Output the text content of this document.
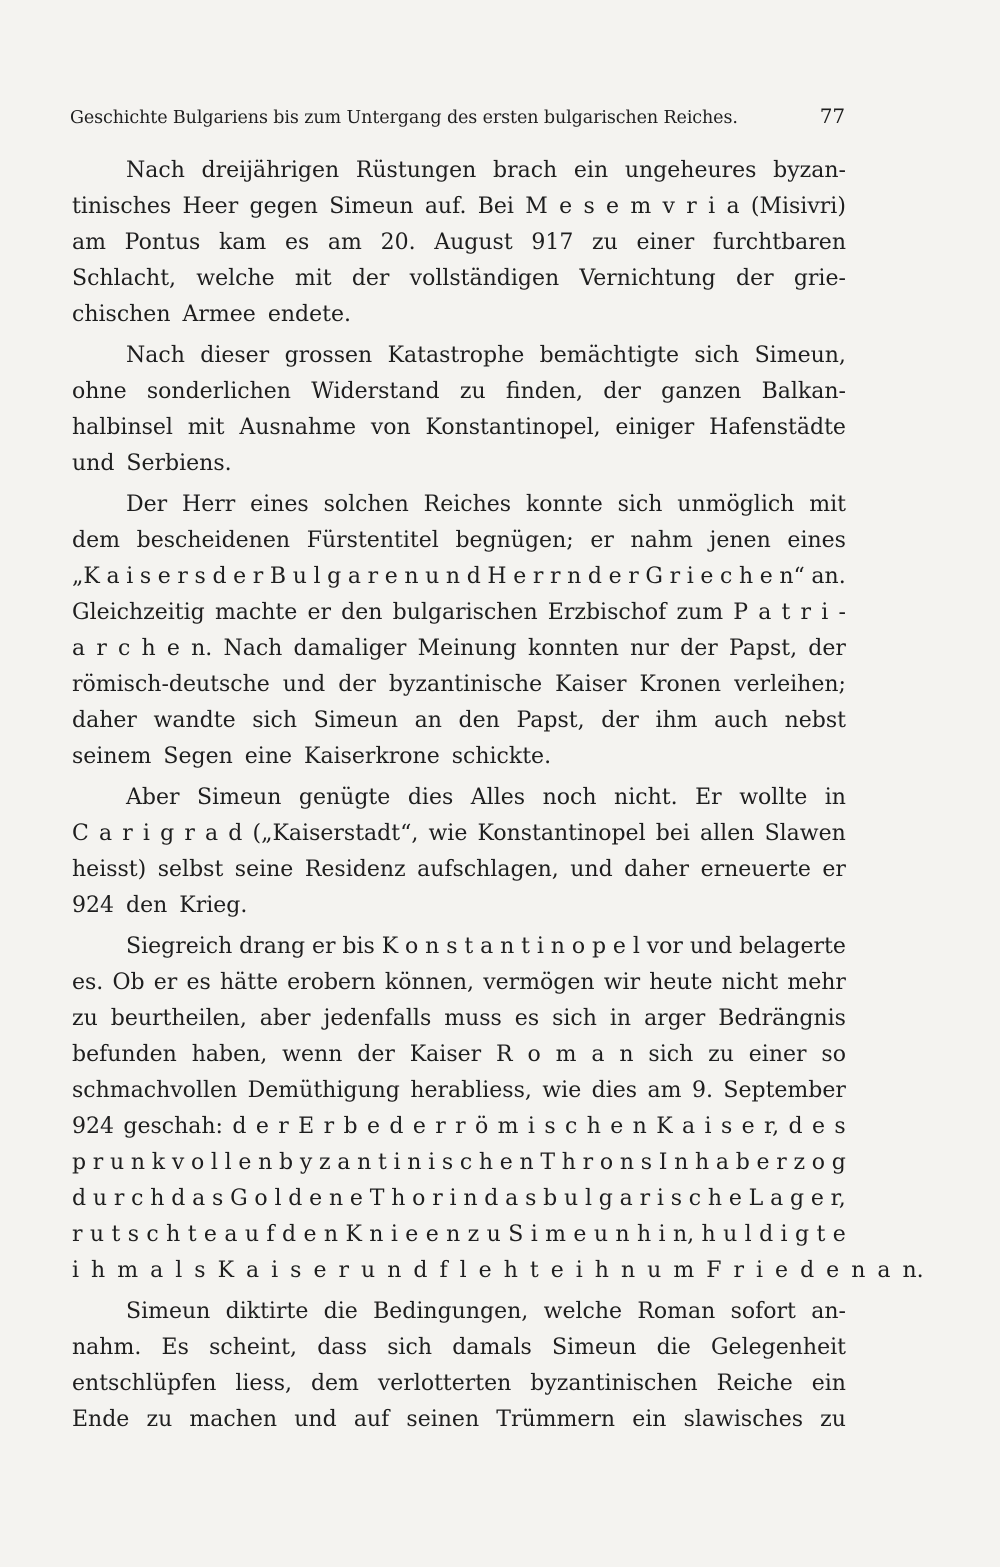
Geschichte Bulgariens bis zum Untergang des ersten bulgarischen Reiches.	77
Nach dreijährigen Rüstungen brach ein ungeheures byzan-
tinisches Heer gegen Simeun auf. Bei M e s e m v r i a (Misivri)
am Pontus kam es am 20. August 917 zu einer furchtbaren
Schlacht, welche mit der vollständigen Vernichtung der grie-
chischen Armee endete.
Nach dieser grossen Katastrophe bemächtigte sich Simeun,
ohne sonderlichen Widerstand zu finden, der ganzen Balkan-
halbinsel mit Ausnahme von Konstantinopel, einiger Hafenstädte
und Serbiens.
Der Herr eines solchen Reiches konnte sich unmöglich mit
dem bescheidenen Fürstentitel begnügen; er nahm jenen eines
„K a i s e r s d e r B u l g a r e n u n d H e r r n d e r G r i e c h e n“ an.
Gleichzeitig machte er den bulgarischen Erzbischof zum P a t r i -
a r c h e n. Nach damaliger Meinung konnten nur der Papst, der
römisch-deutsche und der byzantinische Kaiser Kronen verleihen;
daher wandte sich Simeun an den Papst, der ihm auch nebst
seinem Segen eine Kaiserkrone schickte.
Aber Simeun genügte dies Alles noch nicht. Er wollte in
C a r i g r a d („Kaiserstadt“, wie Konstantinopel bei allen Slawen
heisst) selbst seine Residenz aufschlagen, und daher erneuerte er
924 den Krieg.
Siegreich drang er bis K o n s t a n t i n o p e l vor und belagerte
es. Ob er es hätte erobern können, vermögen wir heute nicht mehr
zu beurtheilen, aber jedenfalls muss es sich in arger Bedrängnis
befunden haben, wenn der Kaiser R o m a n sich zu einer so
schmachvollen Demüthigung herabliess, wie dies am 9. September
924 geschah: d e r E r b e d e r r ö m i s c h e n K a i s e r, d e s
p r u n k v o l l e n b y z a n t i n i s c h e n T h r o n s I n h a b e r z o g
d u r c h d a s G o l d e n e T h o r i n d a s b u l g a r i s c h e L a g e r,
r u t s c h t e a u f d e n K n i e e n z u S i m e u n h i n, h u l d i g t e
i h m a l s K a i s e r u n d f l e h t e i h n u m F r i e d e n a n.
Simeun diktirte die Bedingungen, welche Roman sofort an-
nahm. Es scheint, dass sich damals Simeun die Gelegenheit
entschlüpfen liess, dem verlotterten byzantinischen Reiche ein
Ende zu machen und auf seinen Trümmern ein slawisches zu
